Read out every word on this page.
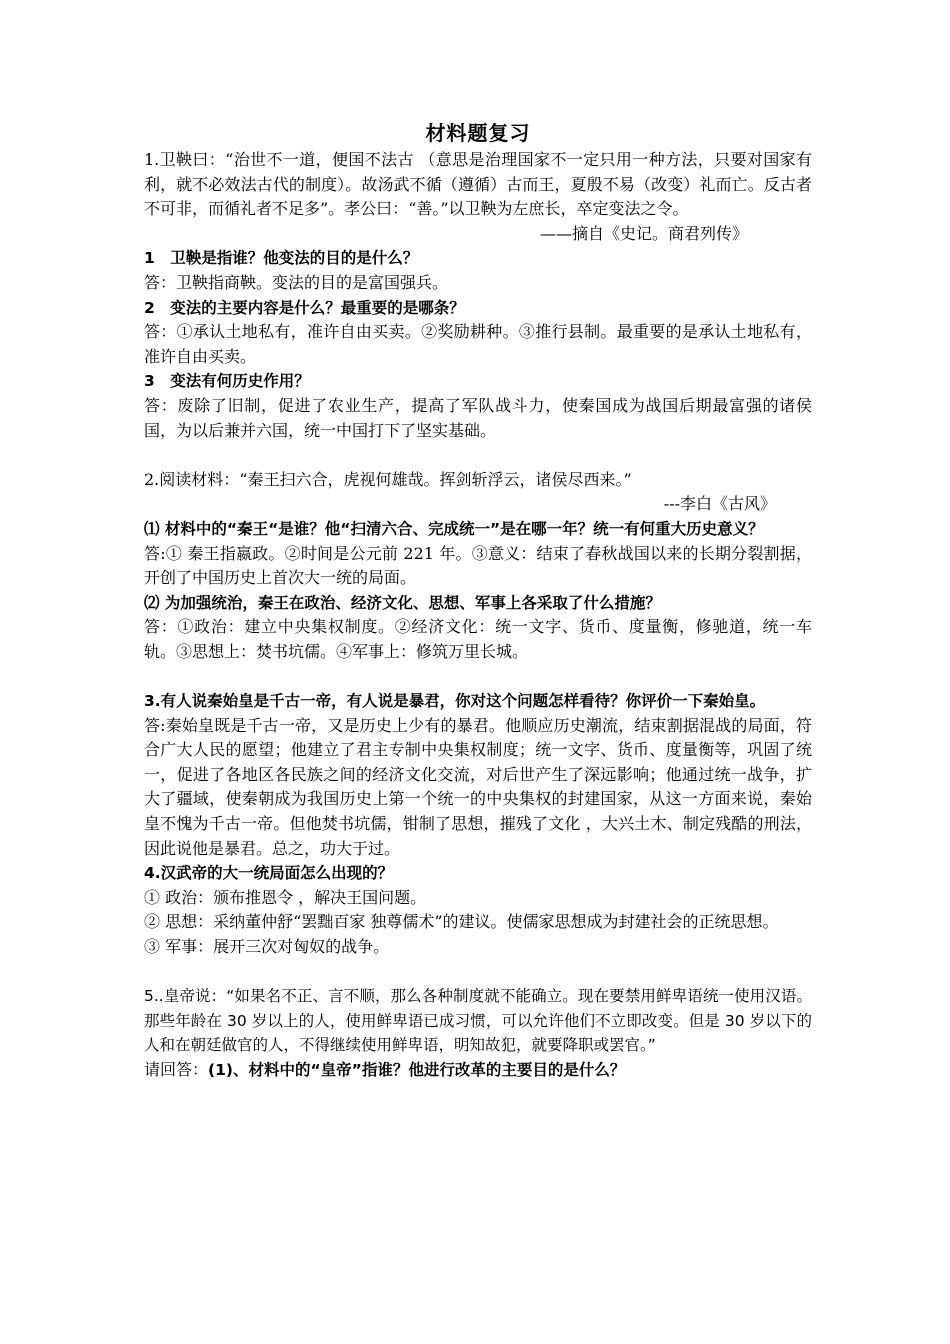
材料题复习

1.卫鞅曰：“治世不一道，便国不法古 （意思是治理国家不一定只用一种方法，只要对国家有利，就不必效法古代的制度）。故汤武不循（遵循）古而王，夏殷不易（改变）礼而亡。反古者不可非，而循礼者不足多”。孝公曰：“善。”以卫鞅为左庶长，卒定变法之令。

——摘自《史记。商君列传》

1　卫鞅是指谁？他变法的目的是什么？

答：卫鞅指商鞅。变法的目的是富国强兵。

2　变法的主要内容是什么？最重要的是哪条？

答：①承认土地私有，准许自由买卖。②奖励耕种。③推行县制。最重要的是承认土地私有，准许自由买卖。

3　变法有何历史作用？

答：废除了旧制，促进了农业生产，提高了军队战斗力，使秦国成为战国后期最富强的诸侯国，为以后兼并六国，统一中国打下了坚实基础。

2.阅读材料：“秦王扫六合，虎视何雄哉。挥剑斩浮云，诸侯尽西来。”

---李白《古风》

⑴ 材料中的“秦王“是谁？他“扫清六合、完成统一”是在哪一年？统一有何重大历史意义？

答:① 秦王指嬴政。②时间是公元前 221 年。③意义：结束了春秋战国以来的长期分裂割据，开创了中国历史上首次大一统的局面。

⑵ 为加强统治，秦王在政治、经济文化、思想、军事上各采取了什么措施？

答：①政治：建立中央集权制度。②经济文化：统一文字、货币、度量衡，修驰道，统一车轨。③思想上：焚书坑儒。④军事上：修筑万里长城。

3.有人说秦始皇是千古一帝，有人说是暴君，你对这个问题怎样看待？你评价一下秦始皇。

答:秦始皇既是千古一帝，又是历史上少有的暴君。他顺应历史潮流，结束割据混战的局面，符合广大人民的愿望；他建立了君主专制中央集权制度；统一文字、货币、度量衡等，巩固了统一，促进了各地区各民族之间的经济文化交流，对后世产生了深远影响；他通过统一战争，扩大了疆域，使秦朝成为我国历史上第一个统一的中央集权的封建国家，从这一方面来说，秦始皇不愧为千古一帝。但他焚书坑儒，钳制了思想，摧残了文化 ，大兴土木、制定残酷的刑法，因此说他是暴君。总之，功大于过。

4.汉武帝的大一统局面怎么出现的？

① 政治：颁布推恩令 ，解决王国问题。

② 思想：采纳董仲舒“罢黜百家 独尊儒术”的建议。使儒家思想成为封建社会的正统思想。

③ 军事：展开三次对匈奴的战争。

5..皇帝说：“如果名不正、言不顺，那么各种制度就不能确立。现在要禁用鲜卑语统一使用汉语。那些年龄在 30 岁以上的人，使用鲜卑语已成习惯，可以允许他们不立即改变。但是 30 岁以下的人和在朝廷做官的人，不得继续使用鲜卑语，明知故犯，就要降职或罢官。”

请回答：(1)、材料中的“皇帝”指谁？他进行改革的主要目的是什么？
